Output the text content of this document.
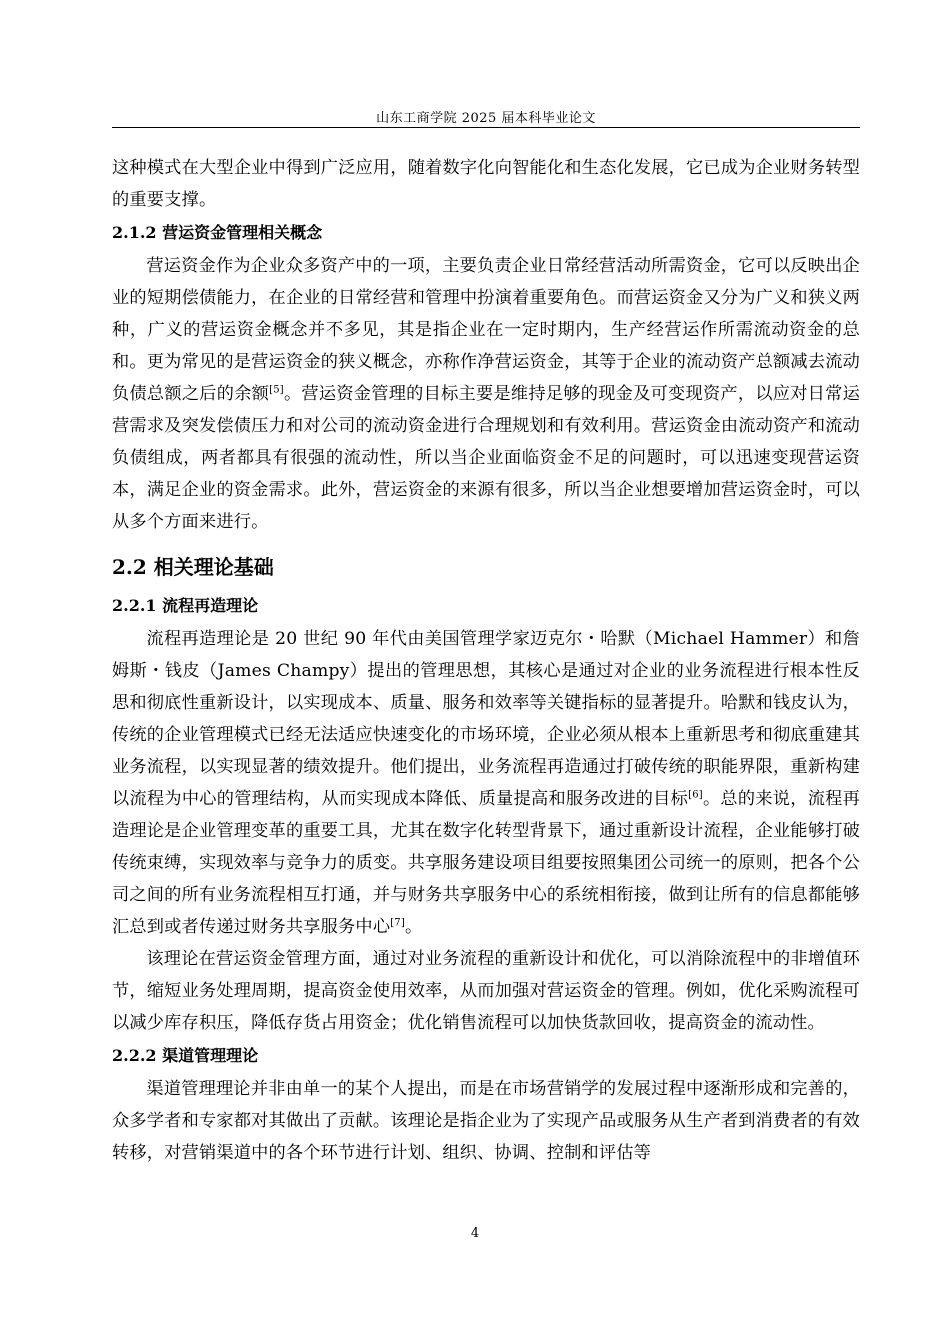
山东工商学院 2025 届本科毕业论文

这种模式在大型企业中得到广泛应用，随着数字化向智能化和生态化发展，它已成为企业财务转型的重要支撑。

2.1.2 营运资金管理相关概念

营运资金作为企业众多资产中的一项，主要负责企业日常经营活动所需资金，它可以反映出企业的短期偿债能力，在企业的日常经营和管理中扮演着重要角色。而营运资金又分为广义和狭义两种，广义的营运资金概念并不多见，其是指企业在一定时期内，生产经营运作所需流动资金的总和。更为常见的是营运资金的狭义概念，亦称作净营运资金，其等于企业的流动资产总额减去流动负债总额之后的余额[5]。营运资金管理的目标主要是维持足够的现金及可变现资产，以应对日常运营需求及突发偿债压力和对公司的流动资金进行合理规划和有效利用。营运资金由流动资产和流动负债组成，两者都具有很强的流动性，所以当企业面临资金不足的问题时，可以迅速变现营运资本，满足企业的资金需求。此外，营运资金的来源有很多，所以当企业想要增加营运资金时，可以从多个方面来进行。

2.2 相关理论基础
2.2.1 流程再造理论

流程再造理论是 20 世纪 90 年代由美国管理学家迈克尔・哈默（Michael Hammer）和詹姆斯・钱皮（James Champy）提出的管理思想，其核心是通过对企业的业务流程进行根本性反思和彻底性重新设计，以实现成本、质量、服务和效率等关键指标的显著提升。哈默和钱皮认为，传统的企业管理模式已经无法适应快速变化的市场环境，企业必须从根本上重新思考和彻底重建其业务流程，以实现显著的绩效提升。他们提出，业务流程再造通过打破传统的职能界限，重新构建以流程为中心的管理结构，从而实现成本降低、质量提高和服务改进的目标[6]。总的来说，流程再造理论是企业管理变革的重要工具，尤其在数字化转型背景下，通过重新设计流程，企业能够打破传统束缚，实现效率与竞争力的质变。共享服务建设项目组要按照集团公司统一的原则，把各个公司之间的所有业务流程相互打通，并与财务共享服务中心的系统相衔接，做到让所有的信息都能够汇总到或者传递过财务共享服务中心[7]。

该理论在营运资金管理方面，通过对业务流程的重新设计和优化，可以消除流程中的非增值环节，缩短业务处理周期，提高资金使用效率，从而加强对营运资金的管理。例如，优化采购流程可以减少库存积压，降低存货占用资金；优化销售流程可以加快货款回收，提高资金的流动性。

2.2.2 渠道管理理论

渠道管理理论并非由单一的某个人提出，而是在市场营销学的发展过程中逐渐形成和完善的，众多学者和专家都对其做出了贡献。该理论是指企业为了实现产品或服务从生产者到消费者的有效转移，对营销渠道中的各个环节进行计划、组织、协调、控制和评估等

4
